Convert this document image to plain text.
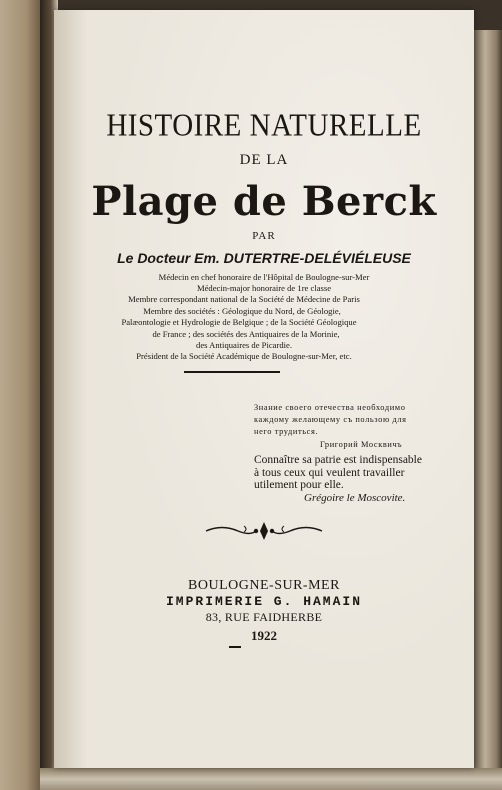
HISTOIRE NATURELLE
DE LA
Plage de Berck
PAR
Le Docteur Em. DUTERTRE-DELÉVIÉLEUSE
Médecin en chef honoraire de l'Hôpital de Boulogne-sur-Mer
Médecin-major honoraire de 1re classe
Membre correspondant national de la Société de Médecine de Paris
Membre des sociétés : Géologique du Nord, de Géologie,
Palæontologie et Hydrologie de Belgique ; de la Société Géologique
de France ; des sociétés des Antiquaires de la Morinie,
des Antiquaires de Picardie.
Président de la Société Académique de Boulogne-sur-Mer, etc.
Знание своего отечества необходимо
каждому желающему съ пользою для
него трудиться.
Григорий Москвичъ
Connaître sa patrie est indispensable
à tous ceux qui veulent travailler
utilement pour elle.
Grégoire le Moscovite.
BOULOGNE-SUR-MER
IMPRIMERIE G. HAMAIN
83, RUE FAIDHERBE
1922
